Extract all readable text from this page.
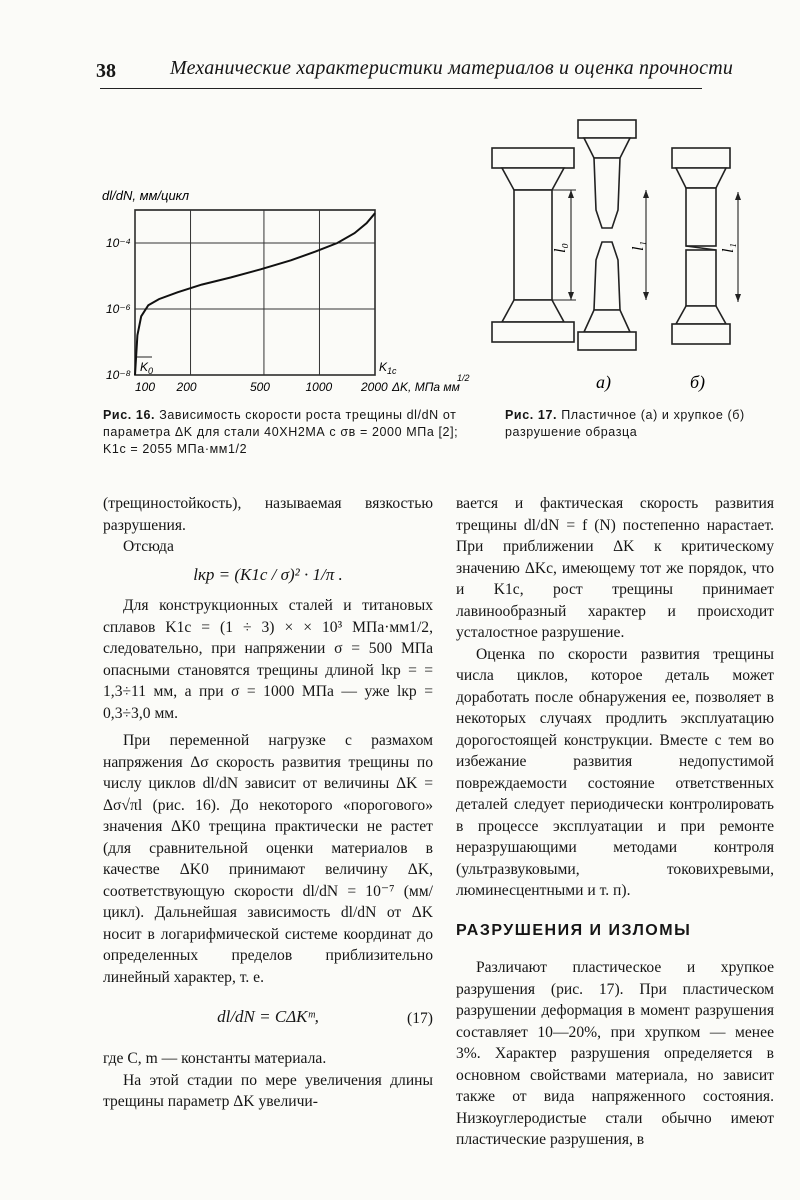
38	Механические характеристики материалов и оценка прочности
dl/dN, мм/цикл
10⁻⁸
10⁻⁶
10⁻⁴
100 200	500	1000 2000 ΔK, МПа мм
1/2
$K_0$	$K_{1c}$
l₀	l₁	l₁
а)	б)
Рис. 16. Зависимость скорости роста трещины dl/dN от параметра ΔK для стали 40ХН2МА с σв = 2000 МПа [2]; K1с = 2055 МПа·мм1/2
Рис. 17. Пластичное (а) и хрупкое (б) разрушение образца

(трещиностойкость), называемая вязкостью разрушения.

Отсюда

lкр = (K1c / σ)² · 1/π .

Для конструкционных сталей и титановых сплавов K1c = (1 ÷ 3) × × 10³ МПа·мм1/2, следовательно, при напряжении σ = 500 МПа опасными становятся трещины длиной lкр = = 1,3÷11 мм, а при σ = 1000 МПа — уже lкр = 0,3÷3,0 мм.

При переменной нагрузке с размахом напряжения Δσ скорость развития трещины по числу циклов dl/dN зависит от величины ΔK = Δσ√πl (рис. 16). До некоторого «порогового» значения ΔK0 трещина практически не растет (для сравнительной оценки материалов в качестве ΔK0 принимают величину ΔK, соответствующую скорости dl/dN = 10⁻⁷ (мм/цикл). Дальнейшая зависимость dl/dN от ΔK носит в логарифмической системе координат до определенных пределов приблизительно линейный характер, т. е.

dl/dN = CΔKᵐ,	(17)

где C, m — константы материала.

На этой стадии по мере увеличения длины трещины параметр ΔK увеличи-

вается и фактическая скорость развития трещины dl/dN = f (N) постепенно нарастает. При приближении ΔK к критическому значению ΔKc, имеющему тот же порядок, что и K1c, рост трещины принимает лавинообразный характер и происходит усталостное разрушение.

Оценка по скорости развития трещины числа циклов, которое деталь может доработать после обнаружения ее, позволяет в некоторых случаях продлить эксплуатацию дорогостоящей конструкции. Вместе с тем во избежание развития недопустимой повреждаемости состояние ответственных деталей следует периодически контролировать в процессе эксплуатации и при ремонте неразрушающими методами контроля (ультразвуковыми, токовихревыми, люминесцентными и т. п).

РАЗРУШЕНИЯ И ИЗЛОМЫ

Различают пластическое и хрупкое разрушения (рис. 17). При пластическом разрушении деформация в момент разрушения составляет 10—20%, при хрупком — менее 3%. Характер разрушения определяется в основном свойствами материала, но зависит также от вида напряженного состояния. Низкоуглеродистые стали обычно имеют пластические разрушения, в
